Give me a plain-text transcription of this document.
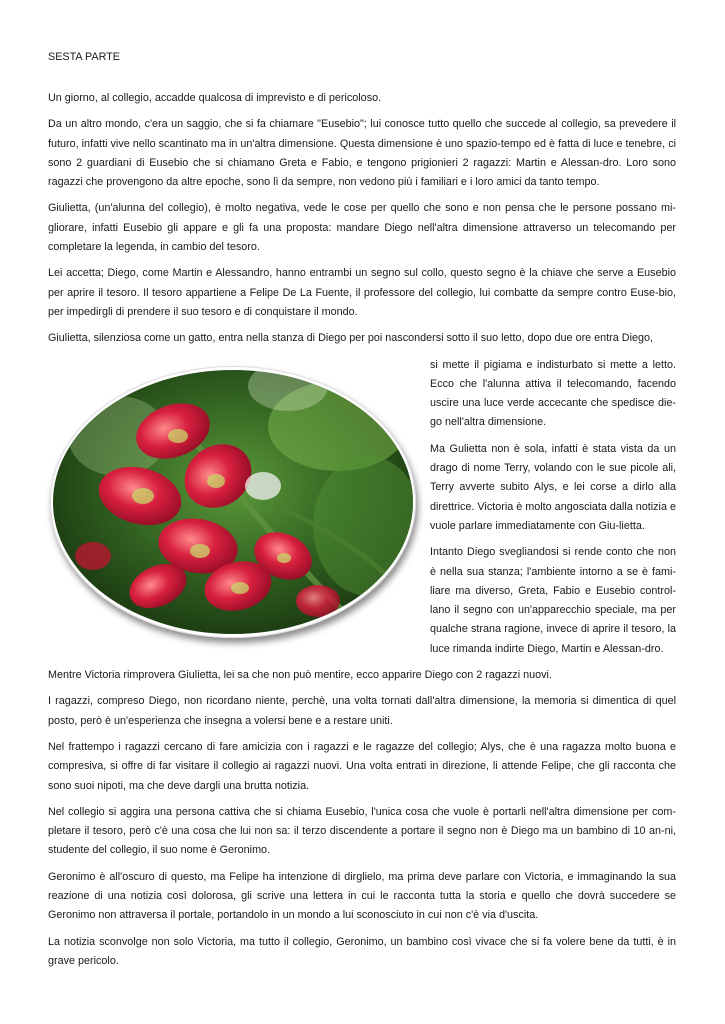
SESTA PARTE

Un giorno, al collegio, accadde qualcosa di imprevisto e di pericoloso.

Da un altro mondo, c'era un saggio, che si fa chiamare "Eusebio"; lui conosce tutto quello che succede al collegio, sa prevedere il futuro, infatti vive nello scantinato ma in un'altra dimensione. Questa dimensione è uno spazio-tempo ed è fatta di luce e tenebre, ci sono 2 guardiani di Eusebio che si chiamano Greta e Fabio, e tengono prigionieri 2 ragazzi: Martin e Alessan-dro. Loro sono ragazzi che provengono da altre epoche, sono lì da sempre, non vedono più i familiari e i loro amici da tanto tempo.

Giulietta, (un'alunna del collegio), è molto negativa, vede le cose per quello che sono e non pensa che le persone possano mi-gliorare, infatti Eusebio gli appare e gli fa una proposta: mandare Diego nell'altra dimensione attraverso un telecomando per completare la legenda, in cambio del tesoro.

Lei accetta; Diego, come Martin e Alessandro, hanno entrambi un segno sul collo, questo segno è la chiave che serve a Eusebio per aprire il tesoro. Il tesoro appartiene a Felipe De La Fuente, il professore del collegio, lui combatte da sempre contro Euse-bio, per impedirgli di prendere il suo tesoro e di conquistare il mondo.

Giulietta, silenziosa come un gatto, entra nella stanza di Diego per poi nascondersi sotto il suo letto, dopo due ore entra Diego,

si mette il pigiama e indisturbato si mette a letto. Ecco che l'alunna attiva il telecomando, facendo uscire una luce verde accecante che spedisce die-go nell'altra dimensione.

Ma Gulietta non è sola, infatti è stata vista da un drago di nome Terry, volando con le sue picole ali, Terry avverte subito Alys, e lei corse a dirlo alla direttrice. Victoria è molto angosciata dalla notizia e vuole parlare immediatamente con Giu-lietta.

Intanto Diego svegliandosi si rende conto che non è nella sua stanza; l'ambiente intorno a se è fami-liare ma diverso, Greta, Fabio e Eusebio control-lano il segno con un'apparecchio speciale, ma per qualche strana ragione, invece di aprire il tesoro, la luce rimanda indirte Diego, Martin e Alessan-dro.

Mentre Victoria rimprovera Giulietta, lei sa che non può mentire, ecco apparire Diego con 2 ragazzi nuovi.

I ragazzi, compreso Diego, non ricordano niente, perchè, una volta tornati dall'altra dimensione, la memoria si dimentica di quel posto, però è un'esperienza che insegna a volersi bene e a restare uniti.

Nel frattempo i ragazzi cercano di fare amicizia con i ragazzi e le ragazze del collegio; Alys, che è una ragazza molto buona e compresiva, si offre di far visitare il collegio ai ragazzi nuovi. Una volta entrati in direzione, li attende Felipe, che gli racconta che sono suoi nipoti, ma che deve dargli una brutta notizia.

Nel collegio si aggira una persona cattiva che si chiama Eusebio, l'unica cosa che vuole è portarli nell'altra dimensione per com-pletare il tesoro, però c'è una cosa che lui non sa: il terzo discendente a portare il segno non è Diego ma un bambino di 10 an-ni, studente del collegio, il suo nome è Geronimo.

Geronimo è all'oscuro di questo, ma Felipe ha intenzione di dirglielo, ma prima deve parlare con Victoria, e immaginando la sua reazione di una notizia così dolorosa, gli scrive una lettera in cui le racconta tutta la storia e quello che dovrà succedere se Geronimo non attraversa il portale, portandolo in un mondo a lui sconosciuto in cui non c'è via d'uscita.

La notizia sconvolge non solo Victoria, ma tutto il collegio, Geronimo, un bambino così vivace che si fa volere bene da tutti, è in grave pericolo.
